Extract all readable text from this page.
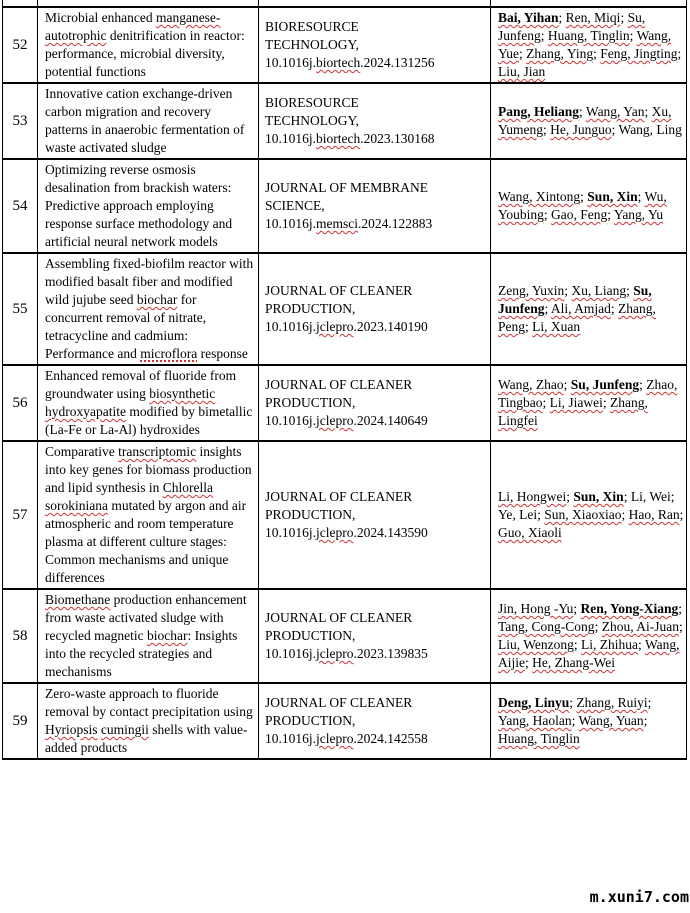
52	Microbial enhanced manganese-autotrophic denitrification in reactor: performance, microbial diversity, potential functions	BIORESOURCE
TECHNOLOGY,
10.1016j.biortech.2024.131256	Bai, Yihan; Ren, Miqi; Su, Junfeng; Huang, Tinglin; Wang, Yue; Zhang, Ying; Feng, Jingting; Liu, Jian
53	Innovative cation exchange-driven carbon migration and recovery patterns in anaerobic fermentation of waste activated sludge	BIORESOURCE
TECHNOLOGY,
10.1016j.biortech.2023.130168	Pang, Heliang; Wang, Yan; Xu, Yumeng; He, Junguo; Wang, Ling
54	Optimizing reverse osmosis desalination from brackish waters: Predictive approach employing response surface methodology and artificial neural network models	JOURNAL OF MEMBRANE
SCIENCE,
10.1016j.memsci.2024.122883	Wang, Xintong; Sun, Xin; Wu, Youbing; Gao, Feng; Yang, Yu
55	Assembling fixed-biofilm reactor with modified basalt fiber and modified wild jujube seed biochar for concurrent removal of nitrate, tetracycline and cadmium: Performance and microflora response	JOURNAL OF CLEANER
PRODUCTION,
10.1016j.jclepro.2023.140190	Zeng, Yuxin; Xu, Liang; Su, Junfeng; Ali, Amjad; Zhang, Peng; Li, Xuan
56	Enhanced removal of fluoride from groundwater using biosynthetic hydroxyapatite modified by bimetallic (La-Fe or La-Al) hydroxides	JOURNAL OF CLEANER
PRODUCTION,
10.1016j.jclepro.2024.140649	Wang, Zhao; Su, Junfeng; Zhao, Tingbao; Li, Jiawei; Zhang, Lingfei
57	Comparative transcriptomic insights into key genes for biomass production and lipid synthesis in Chlorella sorokiniana mutated by argon and air atmospheric and room temperature plasma at different culture stages: Common mechanisms and unique differences	JOURNAL OF CLEANER
PRODUCTION,
10.1016j.jclepro.2024.143590	Li, Hongwei; Sun, Xin; Li, Wei; Ye, Lei; Sun, Xiaoxiao; Hao, Ran; Guo, Xiaoli
58	Biomethane production enhancement from waste activated sludge with recycled magnetic biochar: Insights into the recycled strategies and mechanisms	JOURNAL OF CLEANER
PRODUCTION,
10.1016j.jclepro.2023.139835	Jin, Hong -Yu; Ren, Yong-Xiang; Tang, Cong-Cong; Zhou, Ai-Juan; Liu, Wenzong; Li, Zhihua; Wang, Aijie; He, Zhang-Wei
59	Zero-waste approach to fluoride removal by contact precipitation using Hyriopsis cumingii shells with value-added products	JOURNAL OF CLEANER
PRODUCTION,
10.1016j.jclepro.2024.142558	Deng, Linyu; Zhang, Ruiyi; Yang, Haolan; Wang, Yuan; Huang, Tinglin
m.xuni7.com
